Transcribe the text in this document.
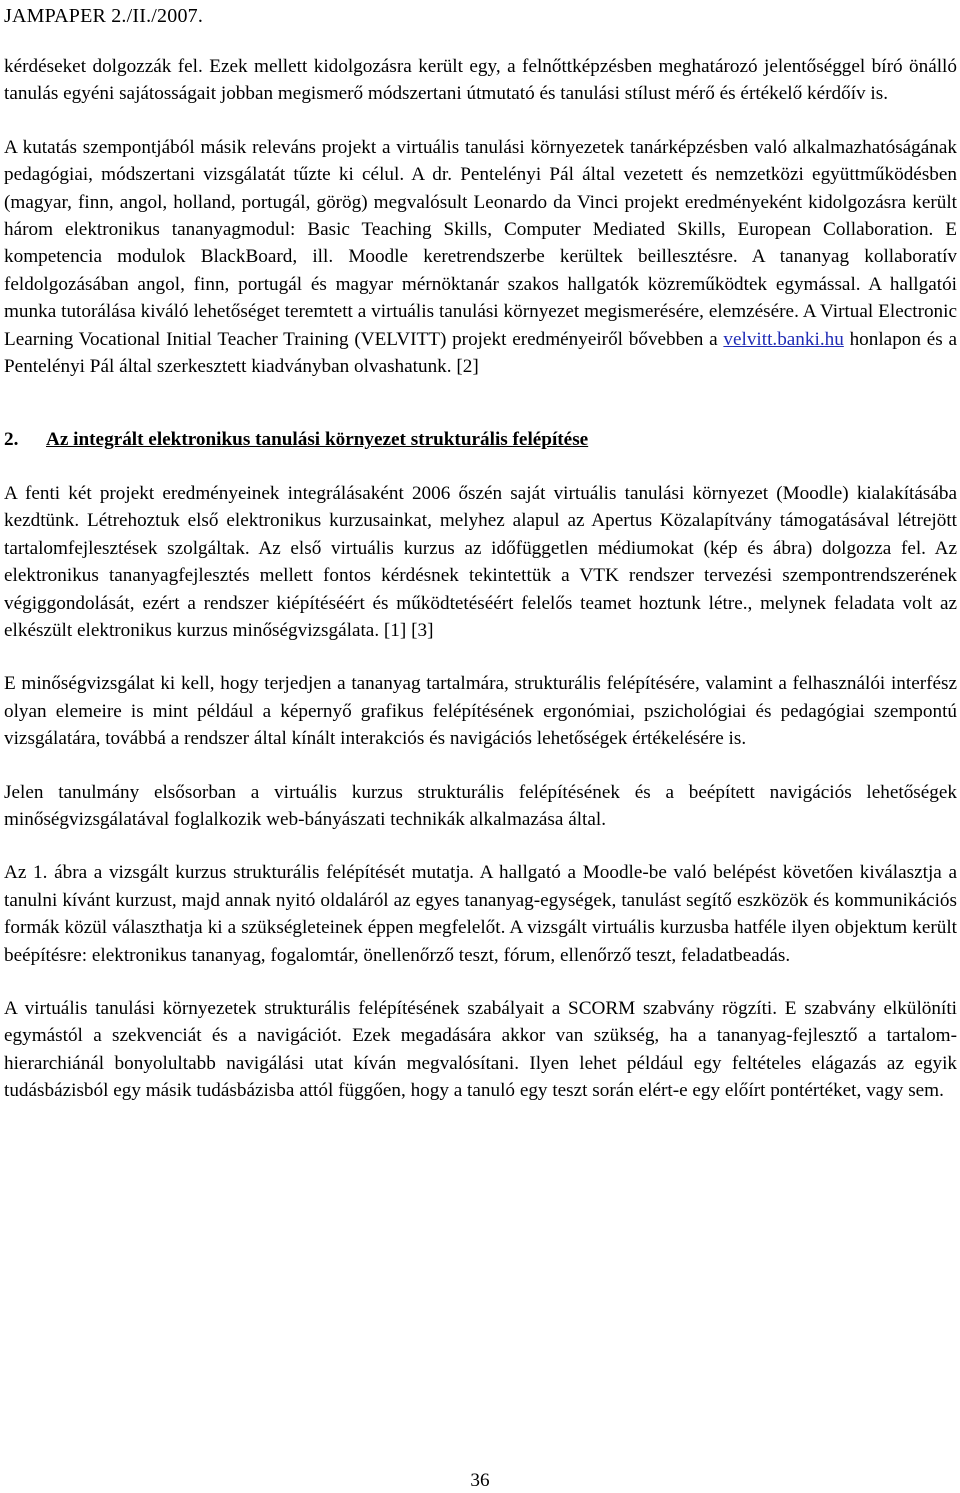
JAMPAPER 2./II./2007.

kérdéseket dolgozzák fel. Ezek mellett kidolgozásra került egy, a felnőttképzésben meghatározó jelentőséggel bíró önálló tanulás egyéni sajátosságait jobban megismerő módszertani útmutató és tanulási stílust mérő és értékelő kérdőív is.

A kutatás szempontjából másik releváns projekt a virtuális tanulási környezetek tanárképzésben való alkalmazhatóságának pedagógiai, módszertani vizsgálatát tűzte ki célul. A dr. Pentelényi Pál által vezetett és nemzetközi együttműködésben (magyar, finn, angol, holland, portugál, görög) megvalósult Leonardo da Vinci projekt eredményeként kidolgozásra került három elektronikus tananyagmodul: Basic Teaching Skills, Computer Mediated Skills, European Collaboration. E kompetencia modulok BlackBoard, ill. Moodle keretrendszerbe kerültek beillesztésre. A tananyag kollaboratív feldolgozásában angol, finn, portugál és magyar mérnöktanár szakos hallgatók közreműködtek egymással. A hallgatói munka tutorálása kiváló lehetőséget teremtett a virtuális tanulási környezet megismerésére, elemzésére. A Virtual Electronic Learning Vocational Initial Teacher Training (VELVITT) projekt eredményeiről bővebben a velvitt.banki.hu honlapon és a Pentelényi Pál által szerkesztett kiadványban olvashatunk. [2]

2. Az integrált elektronikus tanulási környezet strukturális felépítése

A fenti két projekt eredményeinek integrálásaként 2006 őszén saját virtuális tanulási környezet (Moodle) kialakításába kezdtünk. Létrehoztuk első elektronikus kurzusainkat, melyhez alapul az Apertus Közalapítvány támogatásával létrejött tartalomfejlesztések szolgáltak. Az első virtuális kurzus az időfüggetlen médiumokat (kép és ábra) dolgozza fel. Az elektronikus tananyagfejlesztés mellett fontos kérdésnek tekintettük a VTK rendszer tervezési szempontrendszerének végiggondolását, ezért a rendszer kiépítéséért és működtetéséért felelős teamet hoztunk létre., melynek feladata volt az elkészült elektronikus kurzus minőségvizsgálata. [1] [3]

E minőségvizsgálat ki kell, hogy terjedjen a tananyag tartalmára, strukturális felépítésére, valamint a felhasználói interfész olyan elemeire is mint például a képernyő grafikus felépítésének ergonómiai, pszichológiai és pedagógiai szempontú vizsgálatára, továbbá a rendszer által kínált interakciós és navigációs lehetőségek értékelésére is.

Jelen tanulmány elsősorban a virtuális kurzus strukturális felépítésének és a beépített navigációs lehetőségek minőségvizsgálatával foglalkozik web-bányászati technikák alkalmazása által.

Az 1. ábra a vizsgált kurzus strukturális felépítését mutatja. A hallgató a Moodle-be való belépést követően kiválasztja a tanulni kívánt kurzust, majd annak nyitó oldaláról az egyes tananyag-egységek, tanulást segítő eszközök és kommunikációs formák közül választhatja ki a szükségleteinek éppen megfelelőt. A vizsgált virtuális kurzusba hatféle ilyen objektum került beépítésre: elektronikus tananyag, fogalomtár, önellenőrző teszt, fórum, ellenőrző teszt, feladatbeadás.

A virtuális tanulási környezetek strukturális felépítésének szabályait a SCORM szabvány rögzíti. E szabvány elkülöníti egymástól a szekvenciát és a navigációt. Ezek megadására akkor van szükség, ha a tananyag-fejlesztő a tartalom-hierarchiánál bonyolultabb navigálási utat kíván megvalósítani. Ilyen lehet például egy feltételes elágazás az egyik tudásbázisból egy másik tudásbázisba attól függően, hogy a tanuló egy teszt során elért-e egy előírt pontértéket, vagy sem.

36
